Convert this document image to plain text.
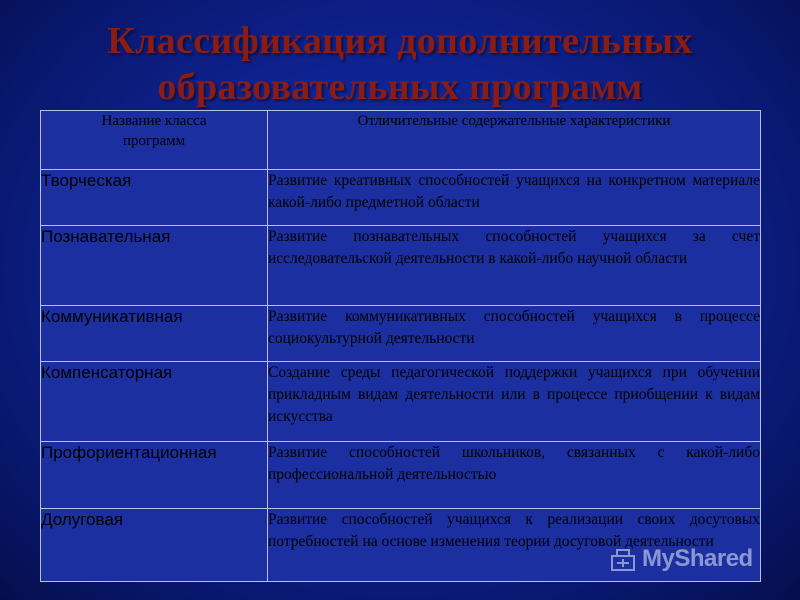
Классификация дополнительных образовательных программ
Название класса программ	Отличительные содержательные характеристики
Творческая	Развитие креативных способностей учащихся на конкретном материале какой-либо предметной области
Познавательная	Развитие познавательных способностей учащихся за счет исследовательской деятельности в какой-либо научной области
Коммуникативная	Развитие коммуникативных способностей учащихся в процессе социокультурной деятельности
Компенсаторная	Создание среды педагогической поддержки учащихся при обучении прикладным видам деятельности или в процессе приобщении к видам искусства
Профориентационная	Развитие способностей школьников, связанных с какой-либо профессиональной деятельностью
Долуговая	Развитие способностей учащихся к реализации своих досутовых потребностей на основе изменения теории досуговой деятельности
MyShared
